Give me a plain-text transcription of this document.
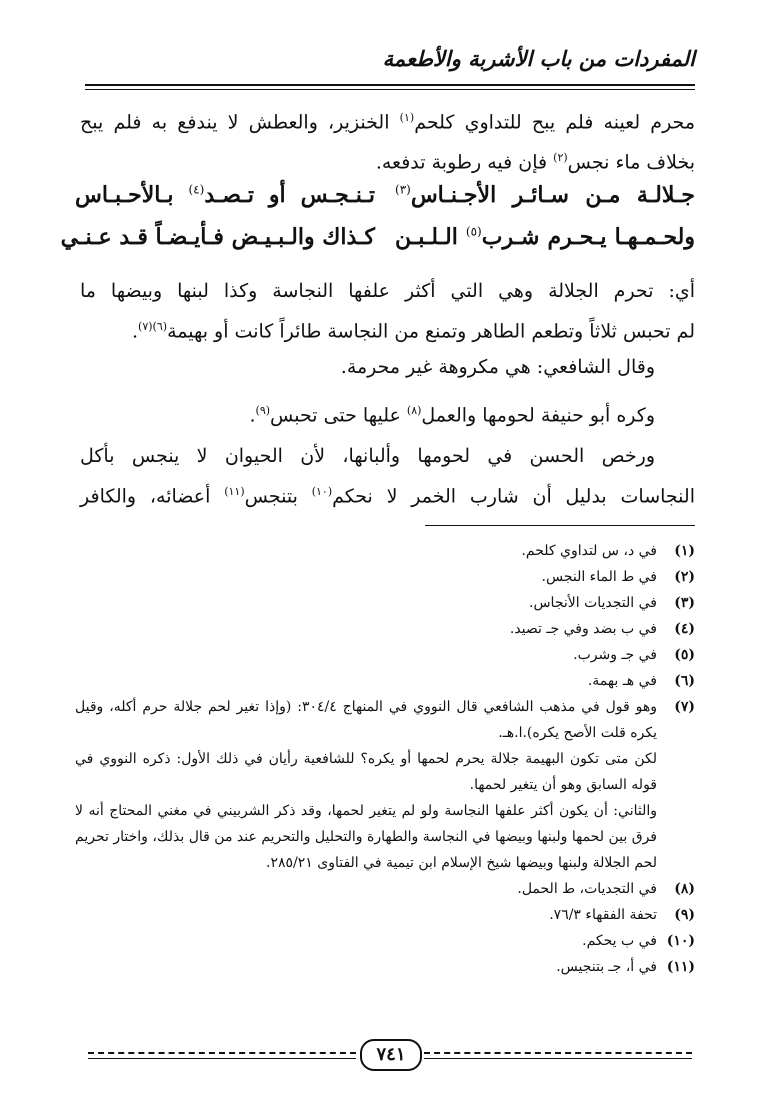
المفردات من باب الأشربة والأطعمة
محرم لعينه فلم يبح للتداوي كلحم$^{(١)}$ الخنزير، والعطش لا يندفع به فلم يبح
بخلاف ماء نجس$^{(٢)}$ فإن فيه رطوبة تدفعه.
جـلالـة مـن سـائـر الأجـنـاس$^{(٣)}$
تـنـجـس أو تـصـد$^{(٤)}$ بـالأحـبـاس
ولحـمـهـا يـحـرم شـرب$^{(٥)}$ الـلـبـن
كـذاك والـبـيـض فـأيـضـاً قـد عـنـي
أي: تحرم الجلالة وهي التي أكثر علفها النجاسة وكذا لبنها وبيضها ما
لم تحبس ثلاثاً وتطعم الطاهر وتمنع من النجاسة طائراً كانت أو بهيمة$^{(٦)(٧)}$.
وقال الشافعي: هي مكروهة غير محرمة.
وكره أبو حنيفة لحومها والعمل$^{(٨)}$ عليها حتى تحبس$^{(٩)}$.
ورخص الحسن في لحومها وألبانها، لأن الحيوان لا ينجس بأكل
النجاسات بدليل أن شارب الخمر لا نحكم$^{(١٠)}$ بتنجس$^{(١١)}$ أعضائه، والكافر
(١)
في د، س لتداوي كلحم.
(٢)
في ط الماء النجس.
(٣)
في التجديات الأنجاس.
(٤)
في ب بضد وفي جـ تصيد.
(٥)
في جـ وشرب.
(٦)
في هـ بهمة.
(٧)
وهو قول في مذهب الشافعي قال النووي في المنهاج ٣٠٤/٤: (وإذا تغير لحم جلالة حرم أكله، وقيل يكره قلت الأصح يكره).ا.هـ.
لكن متى تكون البهيمة جلالة يحرم لحمها أو يكره؟ للشافعية رأيان في ذلك الأول: ذكره النووي في قوله السابق وهو أن يتغير لحمها.
والثاني: أن يكون أكثر علفها النجاسة ولو لم يتغير لحمها، وقد ذكر الشربيني في مغني المحتاج أنه لا فرق بين لحمها ولبنها وبيضها في النجاسة والطهارة والتحليل والتحريم عند من قال بذلك، واختار تحريم لحم الجلالة ولبنها وبيضها شيخ الإسلام ابن تيمية في الفتاوى ٢٨٥/٢١.
(٨)
في التجديات، ط الحمل.
(٩)
تحفة الفقهاء ٧٦/٣.
(١٠)
في ب يحكم.
(١١)
في أ، جـ بتنجيس.
٧٤١
